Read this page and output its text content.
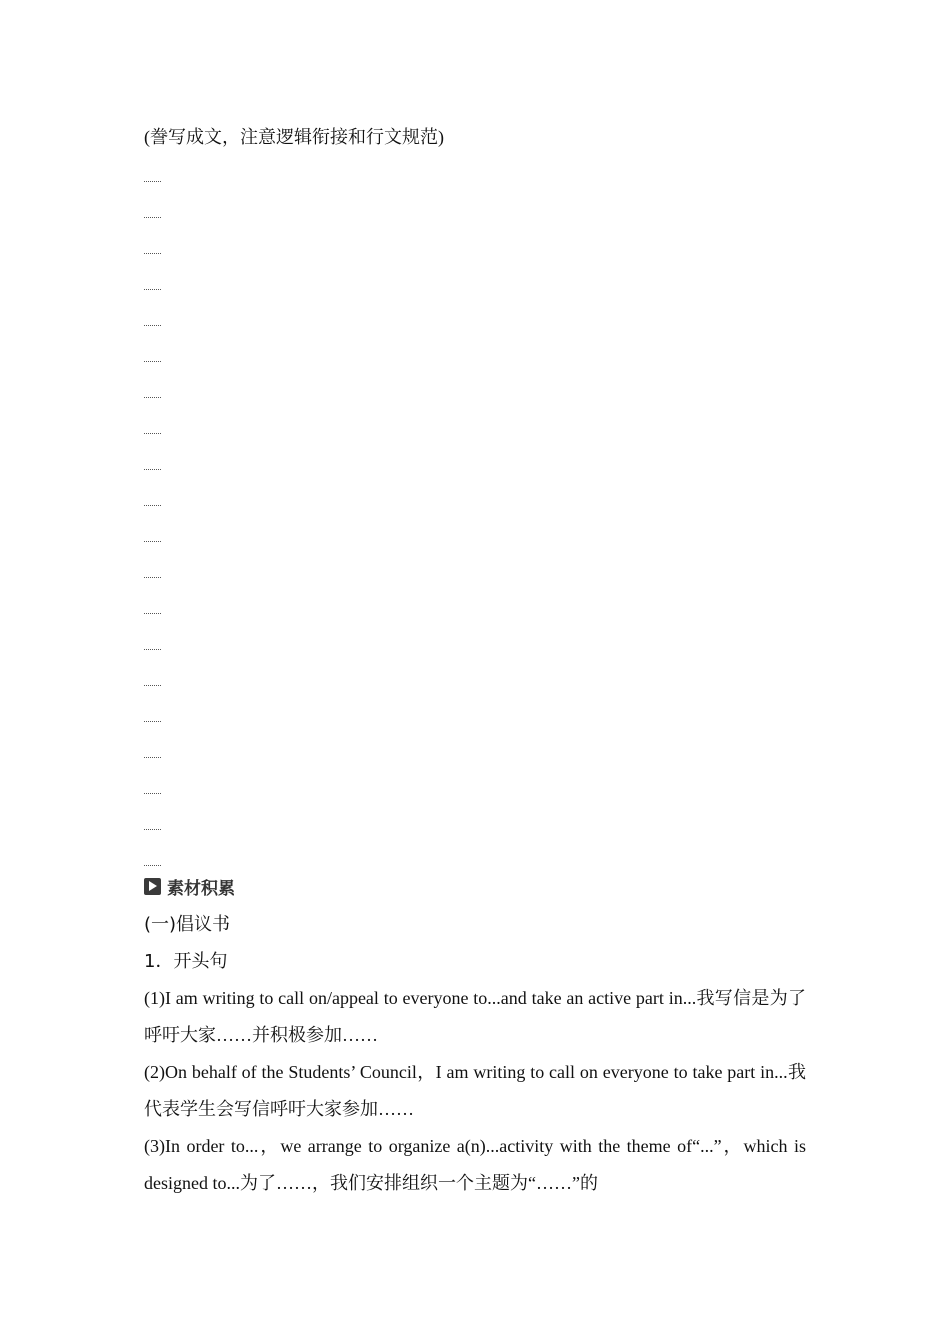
(誊写成文，注意逻辑衔接和行文规范)
素材积累
(一)倡议书
1．开头句
(1)I am writing to call on/appeal to everyone to...and take an active part in...我写信是为了呼吁大家……并积极参加……
(2)On behalf of the Students’ Council，I am writing to call on everyone to take part in...我代表学生会写信呼吁大家参加……
(3)In order to...，we arrange to organize a(n)...activity with the theme of“...”，which is designed to...为了……，我们安排组织一个主题为“……”的
